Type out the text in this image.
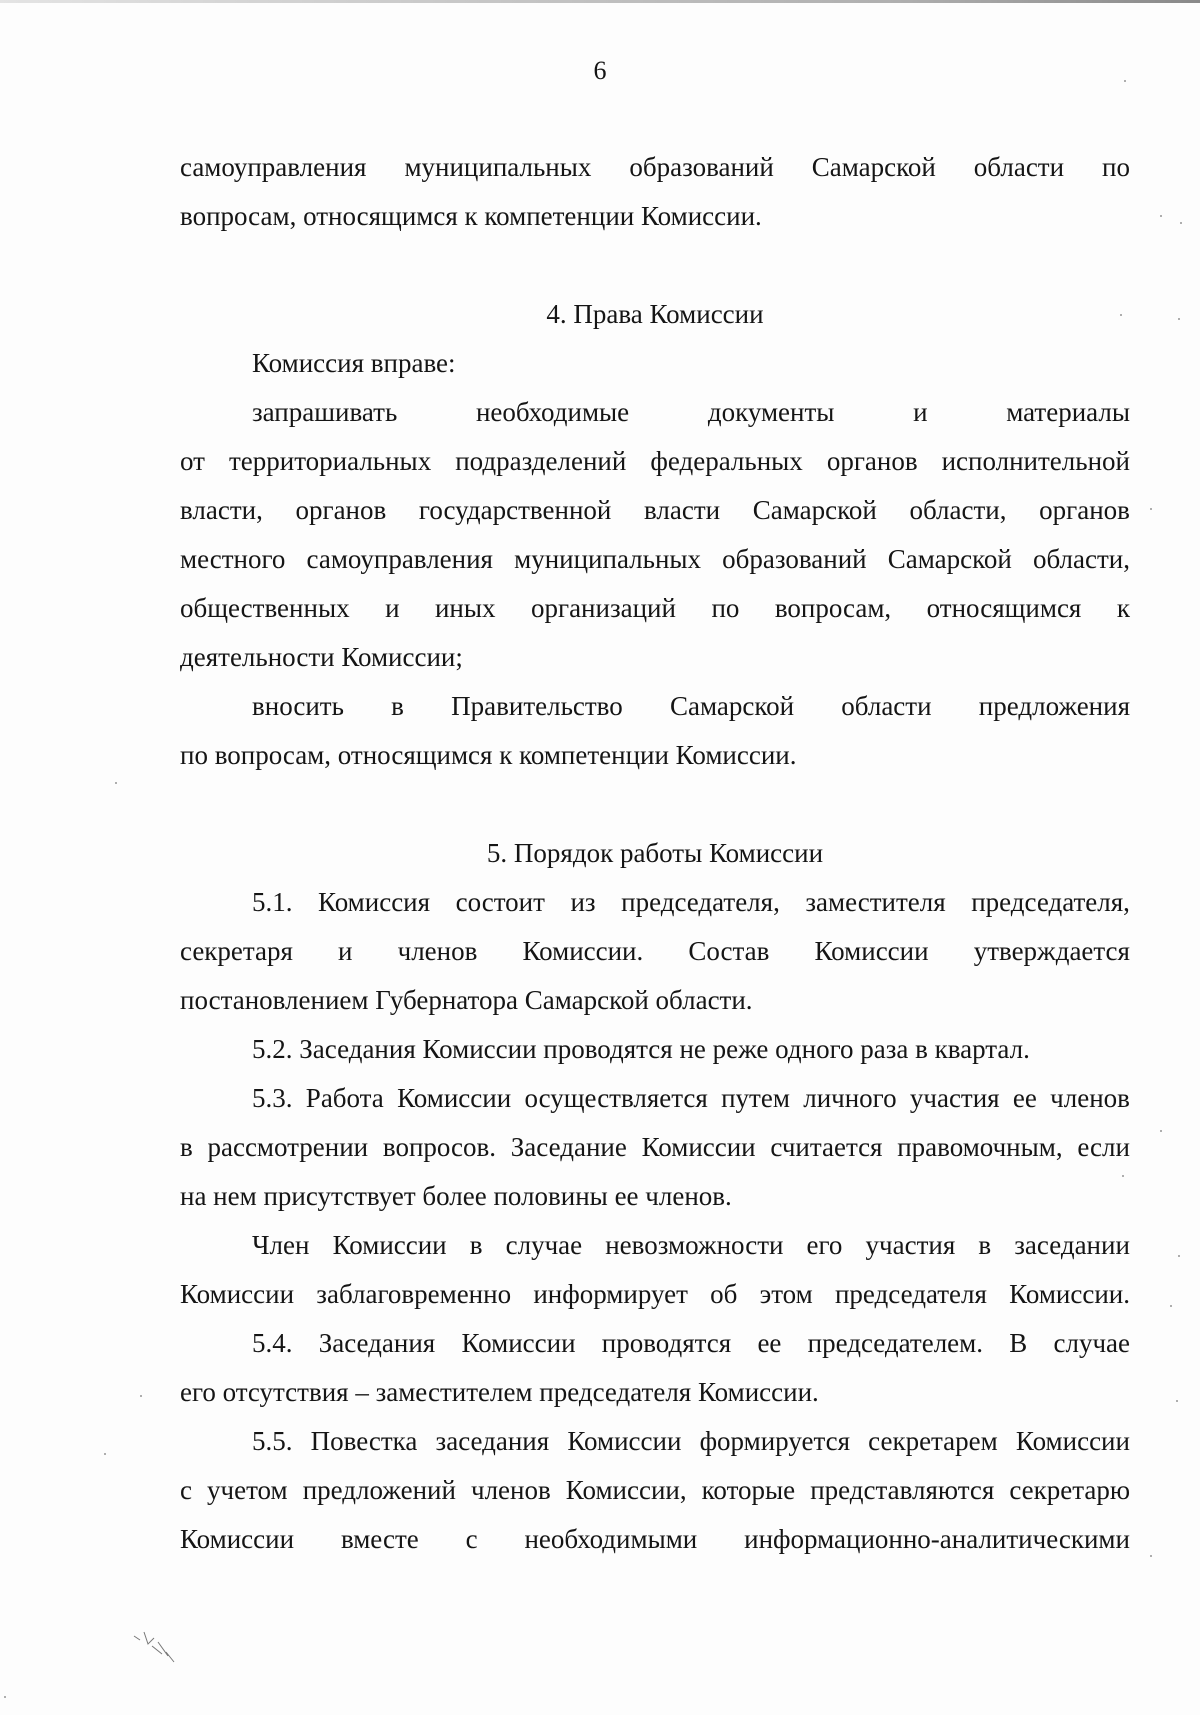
6
самоуправления муниципальных образований Самарской области по
вопросам, относящимся к компетенции Комиссии.
4. Права Комиссии
Комиссия вправе:
запрашивать	необходимые	документы	и	материалы
от территориальных подразделений федеральных органов исполнительной
власти, органов государственной власти Самарской области, органов
местного самоуправления муниципальных образований Самарской области,
общественных и иных организаций по вопросам, относящимся к
деятельности Комиссии;
вносить в Правительство Самарской области предложения
по вопросам, относящимся к компетенции Комиссии.
5. Порядок работы Комиссии
5.1. Комиссия состоит из председателя, заместителя председателя,
секретаря и членов Комиссии. Состав Комиссии утверждается
постановлением Губернатора Самарской области.
5.2. Заседания Комиссии проводятся не реже одного раза в квартал.
5.3. Работа Комиссии осуществляется путем личного участия ее членов
в рассмотрении вопросов. Заседание Комиссии считается правомочным, если
на нем присутствует более половины ее членов.
Член Комиссии в случае невозможности его участия в заседании
Комиссии заблаговременно информирует об этом председателя Комиссии.
5.4. Заседания Комиссии проводятся ее председателем. В случае
его отсутствия – заместителем председателя Комиссии.
5.5. Повестка заседания Комиссии формируется секретарем Комиссии
с учетом предложений членов Комиссии, которые представляются секретарю
Комиссии вместе с необходимыми информационно-аналитическими
